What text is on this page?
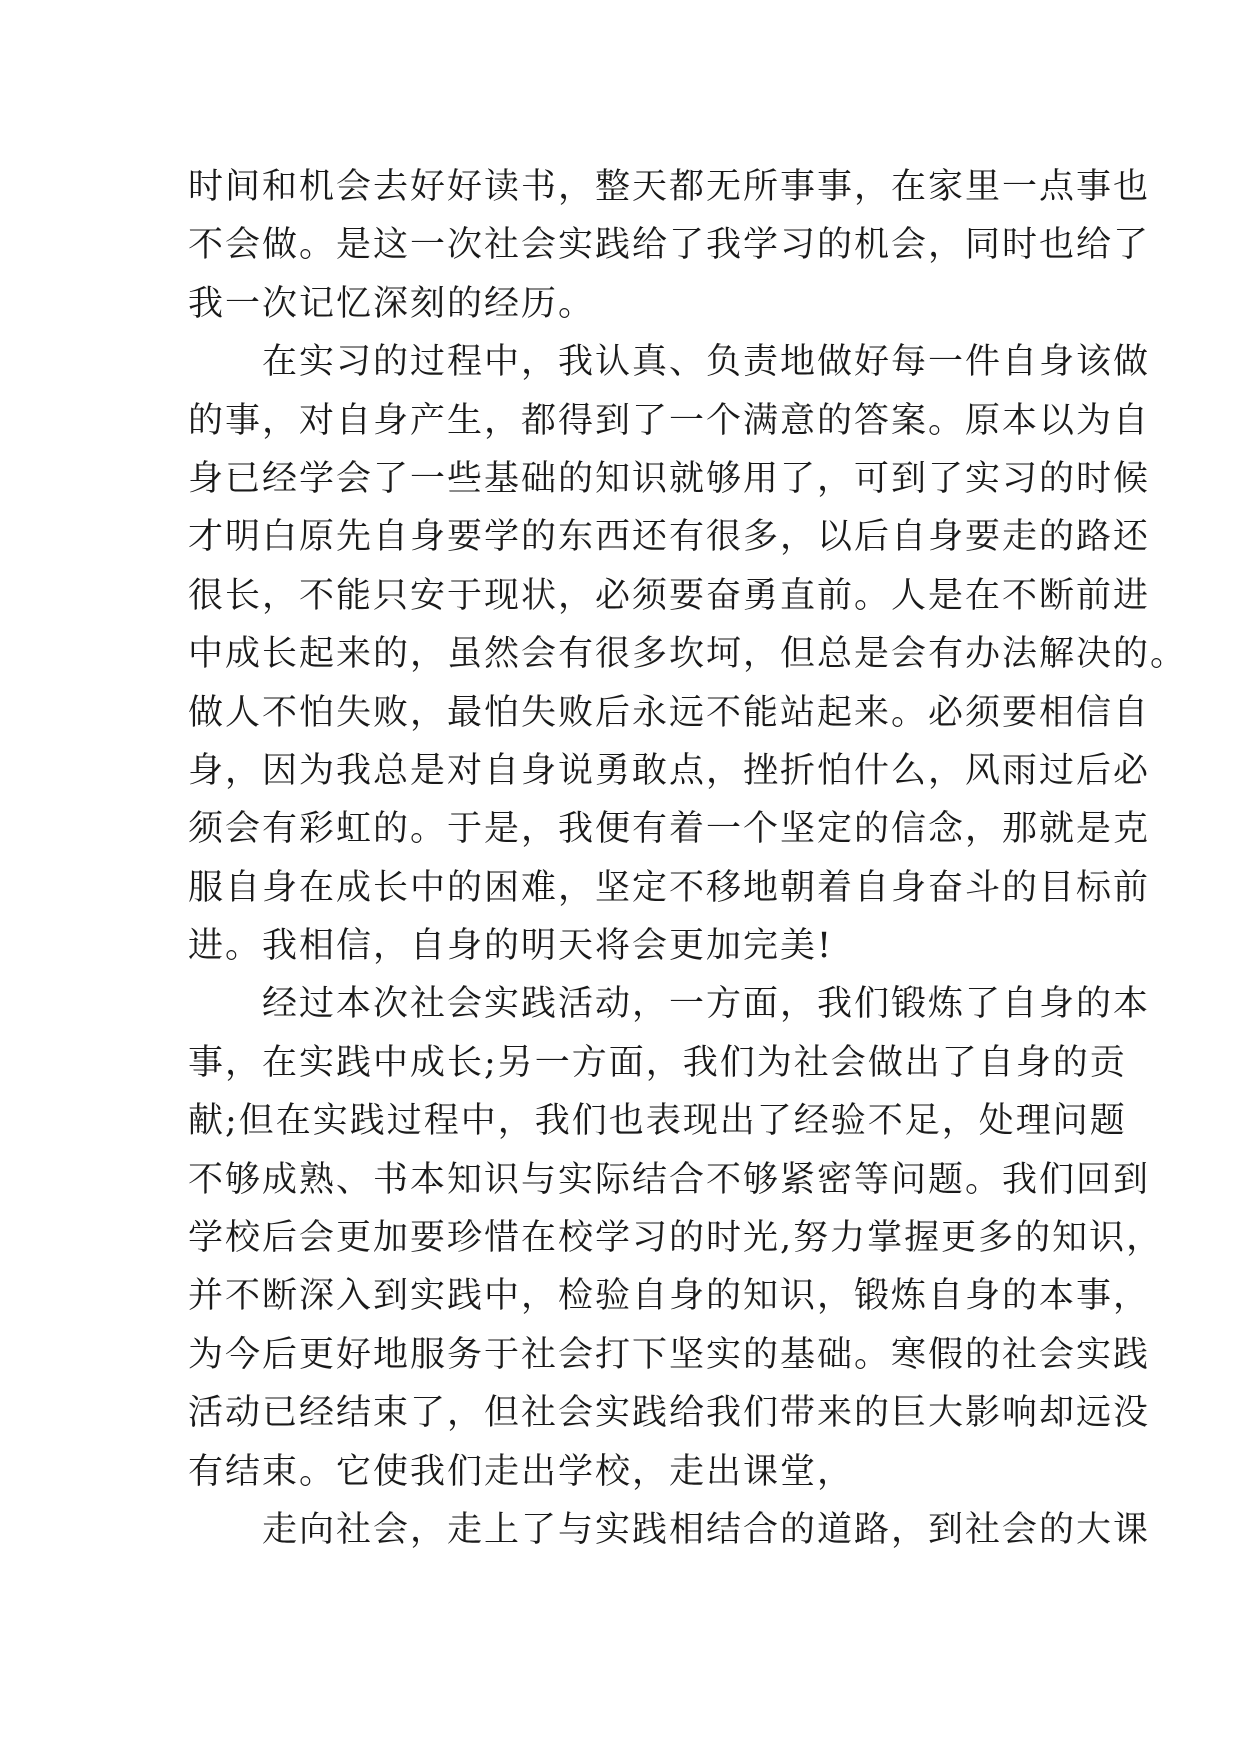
时间和机会去好好读书，整天都无所事事，在家里一点事也
不会做。是这一次社会实践给了我学习的机会，同时也给了
我一次记忆深刻的经历。
　　在实习的过程中，我认真、负责地做好每一件自身该做
的事，对自身产生，都得到了一个满意的答案。原本以为自
身已经学会了一些基础的知识就够用了，可到了实习的时候
才明白原先自身要学的东西还有很多，以后自身要走的路还
很长，不能只安于现状，必须要奋勇直前。人是在不断前进
中成长起来的，虽然会有很多坎坷，但总是会有办法解决的。
做人不怕失败，最怕失败后永远不能站起来。必须要相信自
身，因为我总是对自身说勇敢点，挫折怕什么，风雨过后必
须会有彩虹的。于是，我便有着一个坚定的信念，那就是克
服自身在成长中的困难，坚定不移地朝着自身奋斗的目标前
进。我相信，自身的明天将会更加完美!
　　经过本次社会实践活动，一方面，我们锻炼了自身的本
事，在实践中成长;另一方面，我们为社会做出了自身的贡
献;但在实践过程中，我们也表现出了经验不足，处理问题
不够成熟、书本知识与实际结合不够紧密等问题。我们回到
学校后会更加要珍惜在校学习的时光,努力掌握更多的知识，
并不断深入到实践中，检验自身的知识，锻炼自身的本事，
为今后更好地服务于社会打下坚实的基础。寒假的社会实践
活动已经结束了，但社会实践给我们带来的巨大影响却远没
有结束。它使我们走出学校，走出课堂，
　　走向社会，走上了与实践相结合的道路，到社会的大课
